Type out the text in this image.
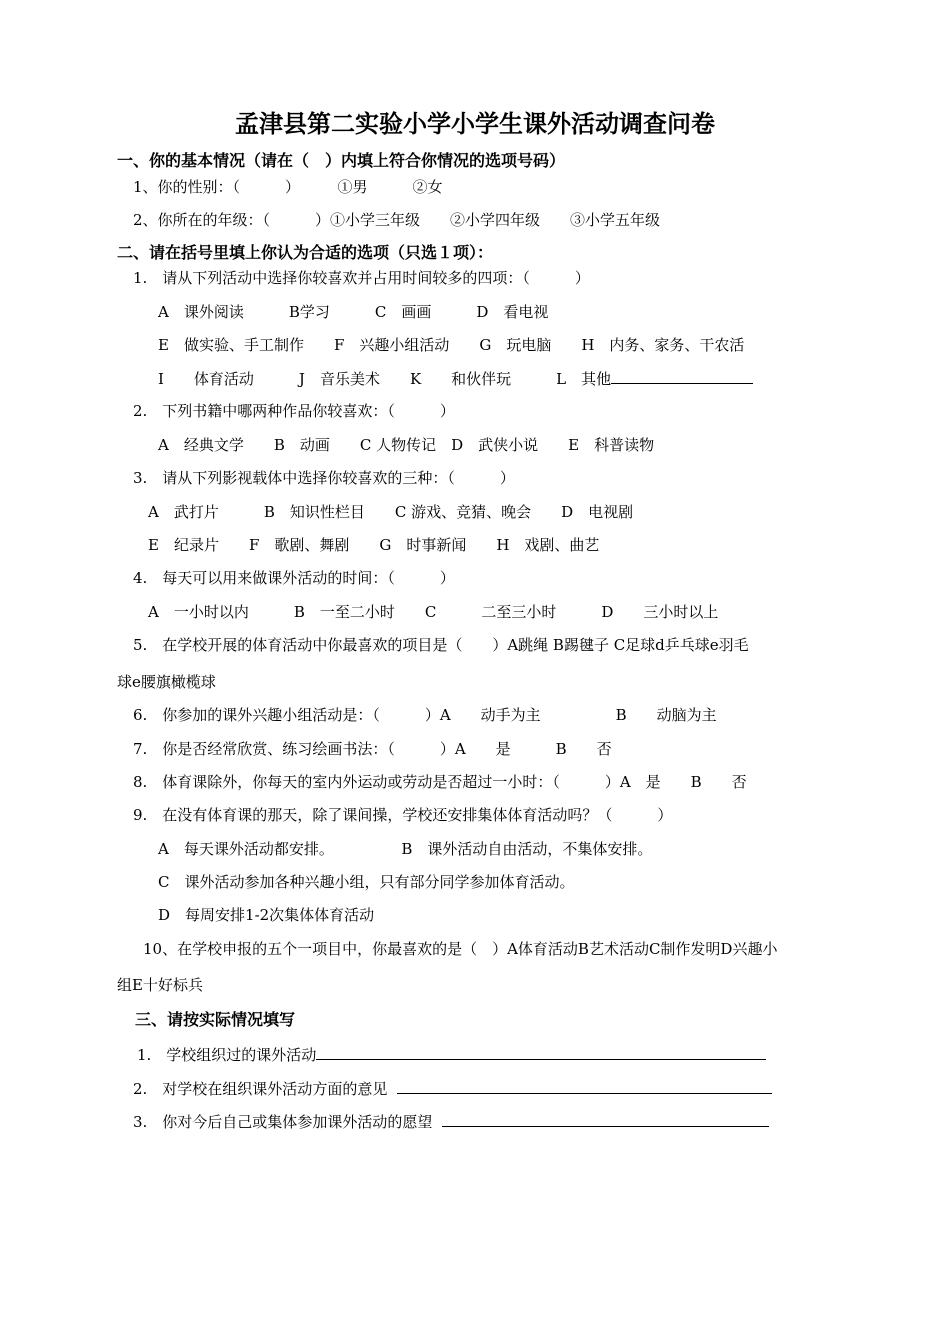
孟津县第二实验小学小学生课外活动调查问卷
一、你的基本情况（请在（　）内填上符合你情况的选项号码）
1、你的性别：（　　　）　　　①男　　　②女
2、你所在的年级：（　　　）①小学三年级　　②小学四年级　　③小学五年级
二、请在括号里填上你认为合适的选项（只选１项）：
1.　请从下列活动中选择你较喜欢并占用时间较多的四项：（　　　）
A　课外阅读　　　B学习　　　C　画画　　　D　看电视
E　做实验、手工制作　　F　兴趣小组活动　　G　玩电脑　　H　内务、家务、干农活
I　　体育活动　　　J　音乐美术　　K　　和伙伴玩　　　L　其他
2.　下列书籍中哪两种作品你较喜欢：（　　　）
A　经典文学　　B　动画　　C 人物传记　D　武侠小说　　E　科普读物
3.　请从下列影视载体中选择你较喜欢的三种：（　　　）
A　武打片　　　B　知识性栏目　　C 游戏、竞猜、晚会　　D　电视剧
E　纪录片　　F　歌剧、舞剧　　G　时事新闻　　H　戏剧、曲艺
4.　每天可以用来做课外活动的时间：（　　　）
A　一小时以内　　　B　一至二小时　　C　　　二至三小时　　　D　　三小时以上
5.　在学校开展的体育活动中你最喜欢的项目是（　　）A跳绳 B踢毽子 C足球d乒乓球e羽毛
球e腰旗橄榄球
6.　你参加的课外兴趣小组活动是：（　　　）A　　动手为主　　　　　B　　动脑为主
7.　你是否经常欣赏、练习绘画书法：（　　　）A　　是　　　B　　否
8.　体育课除外，你每天的室内外运动或劳动是否超过一小时：（　　　）A　是　　B　　否
9.　在没有体育课的那天，除了课间操，学校还安排集体体育活动吗？（　　　）
A　每天课外活动都安排。　　　　　B　课外活动自由活动，不集体安排。
C　课外活动参加各种兴趣小组，只有部分同学参加体育活动。
D　每周安排1-2次集体体育活动
10、在学校申报的五个一项目中，你最喜欢的是（　）A体育活动B艺术活动C制作发明D兴趣小
组E十好标兵
三、请按实际情况填写
1.　学校组织过的课外活动
2.　对学校在组织课外活动方面的意见
3.　你对今后自己或集体参加课外活动的愿望
